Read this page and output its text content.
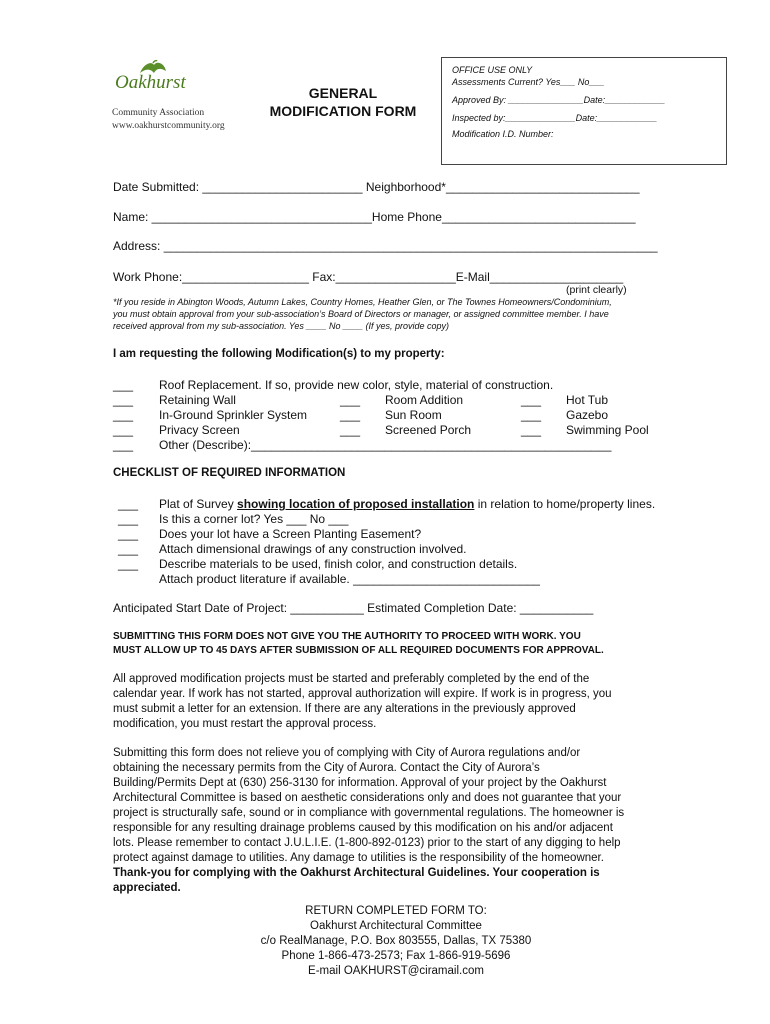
Oakhurst
Community Association
www.oakhurstcommunity.org
GENERAL
MODIFICATION FORM
OFFICE USE ONLY
Assessments Current? Yes___ No___
Approved By: _______________Date:____________
Inspected by:______________Date:____________
Modification I.D. Number:
Date Submitted: ________________________ Neighborhood*_____________________________
Name: _________________________________Home Phone_____________________________
Address: __________________________________________________________________________
Work Phone:___________________ Fax:__________________E-Mail____________________
(print clearly)
*If you reside in Abington Woods, Autumn Lakes, Country Homes, Heather Glen, or The Townes Homeowners/Condominium,
you must obtain approval from your sub-association’s Board of Directors or manager, or assigned committee member. I have
received approval from my sub-association. Yes ____ No ____ (If yes, provide copy)
I am requesting the following Modification(s) to my property:
___ Roof Replacement. If so, provide new color, style, material of construction.
___ Retaining Wall	___ Room Addition	___ Hot Tub
___ In-Ground Sprinkler System	___ Sun Room	___ Gazebo
___ Privacy Screen	___ Screened Porch	___ Swimming Pool
___ Other (Describe):______________________________________________________
CHECKLIST OF REQUIRED INFORMATION
___ Plat of Survey showing location of proposed installation in relation to home/property lines.
___ Is this a corner lot? Yes ___ No ___
___ Does your lot have a Screen Planting Easement?
___ Attach dimensional drawings of any construction involved.
___ Describe materials to be used, finish color, and construction details.
Attach product literature if available. ____________________________
Anticipated Start Date of Project: ___________ Estimated Completion Date: ___________
SUBMITTING THIS FORM DOES NOT GIVE YOU THE AUTHORITY TO PROCEED WITH WORK. YOU
MUST ALLOW UP TO 45 DAYS AFTER SUBMISSION OF ALL REQUIRED DOCUMENTS FOR APPROVAL.
All approved modification projects must be started and preferably completed by the end of the
calendar year. If work has not started, approval authorization will expire. If work is in progress, you
must submit a letter for an extension. If there are any alterations in the previously approved
modification, you must restart the approval process.
Submitting this form does not relieve you of complying with City of Aurora regulations and/or
obtaining the necessary permits from the City of Aurora. Contact the City of Aurora’s
Building/Permits Dept at (630) 256-3130 for information. Approval of your project by the Oakhurst
Architectural Committee is based on aesthetic considerations only and does not guarantee that your
project is structurally safe, sound or in compliance with governmental regulations. The homeowner is
responsible for any resulting drainage problems caused by this modification on his and/or adjacent
lots. Please remember to contact J.U.L.I.E. (1-800-892-0123) prior to the start of any digging to help
protect against damage to utilities. Any damage to utilities is the responsibility of the homeowner.
Thank-you for complying with the Oakhurst Architectural Guidelines. Your cooperation is
appreciated.
RETURN COMPLETED FORM TO:
Oakhurst Architectural Committee
c/o RealManage, P.O. Box 803555, Dallas, TX 75380
Phone 1-866-473-2573; Fax 1-866-919-5696
E-mail OAKHURST@ciramail.com
